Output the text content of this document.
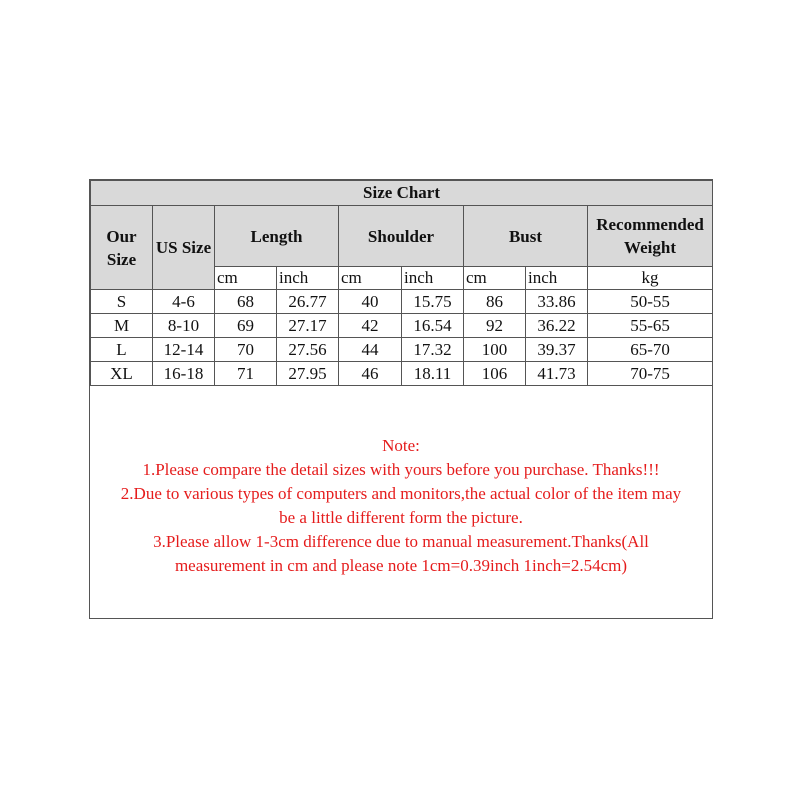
Size Chart								
Our Size	US Size	Length		Shoulder		Bust		Recommended Weight
		cm	inch	cm	inch	cm	inch	kg
S	4-6	68	26.77	40	15.75	86	33.86	50-55
M	8-10	69	27.17	42	16.54	92	36.22	55-65
L	12-14	70	27.56	44	17.32	100	39.37	65-70
XL	16-18	71	27.95	46	18.11	106	41.73	70-75
Note:
1.Please compare the detail sizes with yours before you purchase. Thanks!!!
2.Due to various types of computers and monitors,the actual color of the item may
be a little different form the picture.
3.Please allow 1-3cm difference due to manual measurement.Thanks(All
measurement in cm and please note 1cm=0.39inch 1inch=2.54cm)
